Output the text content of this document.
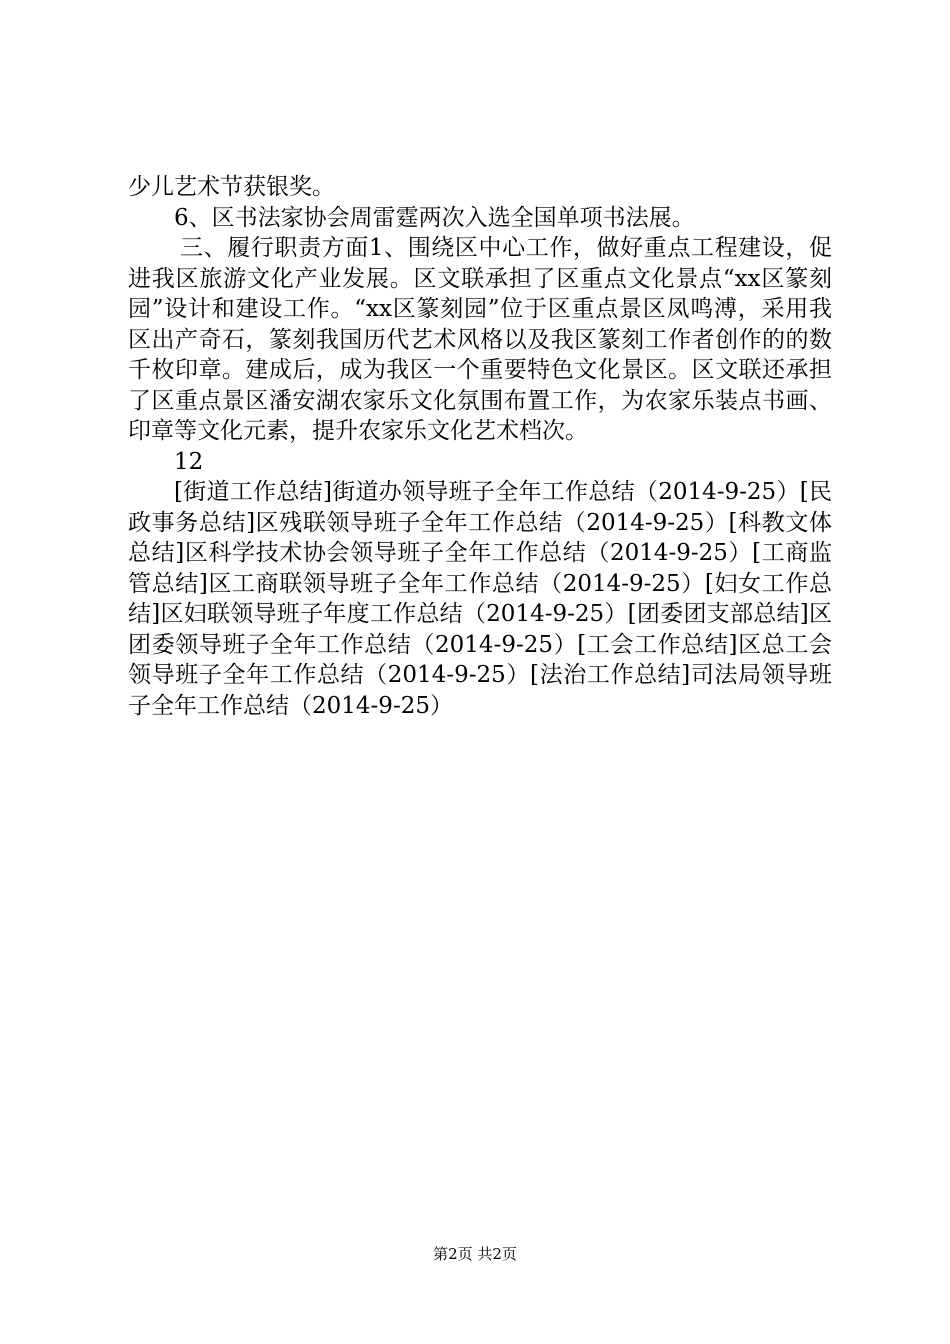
少儿艺术节获银奖。

6、区书法家协会周雷霆两次入选全国单项书法展。

三、履行职责方面1、围绕区中心工作，做好重点工程建设，促进我区旅游文化产业发展。区文联承担了区重点文化景点“xx区篆刻园”设计和建设工作。“xx区篆刻园”位于区重点景区凤鸣溥，采用我区出产奇石，篆刻我国历代艺术风格以及我区篆刻工作者创作的的数千枚印章。建成后，成为我区一个重要特色文化景区。区文联还承担了区重点景区潘安湖农家乐文化氛围布置工作，为农家乐装点书画、印章等文化元素，提升农家乐文化艺术档次。

12

[街道工作总结]街道办领导班子全年工作总结（2014-9-25）[民政事务总结]区残联领导班子全年工作总结（2014-9-25）[科教文体总结]区科学技术协会领导班子全年工作总结（2014-9-25）[工商监管总结]区工商联领导班子全年工作总结（2014-9-25）[妇女工作总结]区妇联领导班子年度工作总结（2014-9-25）[团委团支部总结]区团委领导班子全年工作总结（2014-9-25）[工会工作总结]区总工会领导班子全年工作总结（2014-9-25）[法治工作总结]司法局领导班子全年工作总结（2014-9-25）

第2页 共2页
